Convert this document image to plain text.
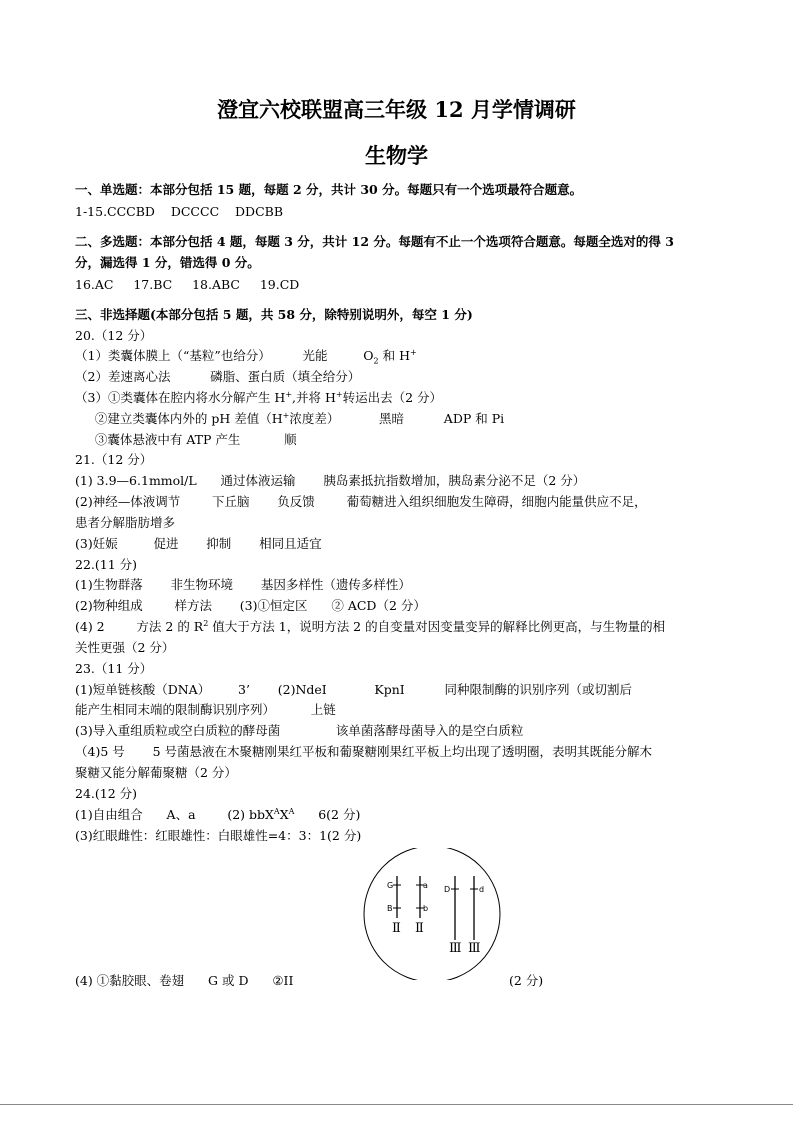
澄宜六校联盟高三年级 12 月学情调研
生物学
一、单选题：本部分包括 15 题，每题 2 分，共计 30 分。每题只有一个选项最符合题意。
1-15.CCCBD    DCCCC    DDCBB
二、多选题：本部分包括 4 题，每题 3 分，共计 12 分。每题有不止一个选项符合题意。每题全选对的得 3
分，漏选得 1 分，错选得 0 分。
16.AC     17.BC     18.ABC     19.CD
三、非选择题(本部分包括 5 题，共 58 分，除特别说明外，每空 1 分)
20.（12 分）
（1）类囊体膜上（“基粒”也给分）        光能         $O_2$ 和 H+
（2）差速离心法          磷脂、蛋白质（填全给分）
（3）①类囊体在腔内将水分解产生 H+,并将 H+转运出去（2 分）
②建立类囊体内外的 pH 差值（H+浓度差）          黑暗          ADP 和 Pi
③囊体悬液中有 ATP 产生           顺
21.（12 分）
(1) 3.9—6.1mmol/L      通过体液运输       胰岛素抵抗指数增加，胰岛素分泌不足（2 分）
(2)神经—体液调节        下丘脑       负反馈        葡萄糖进入组织细胞发生障碍，细胞内能量供应不足，
患者分解脂肪增多
(3)妊娠         促进       抑制       相同且适宜
22.(11 分)
(1)生物群落       非生物环境       基因多样性（遗传多样性）
(2)物种组成        样方法       (3)①恒定区      ② ACD（2 分）
(4) 2        方法 2 的 $R^2$ 值大于方法 1，说明方法 2 的自变量对因变量变异的解释比例更高，与生物量的相
关性更强（2 分）
23.（11 分）
(1)短单链核酸（DNA）       3’       (2)NdeI            KpnI          同种限制酶的识别序列（或切割后
能产生相同末端的限制酶识别序列）         上链
(3)导入重组质粒或空白质粒的酵母菌              该单菌落酵母菌导入的是空白质粒
（4)5 号       5 号菌悬液在木聚糖刚果红平板和葡聚糖刚果红平板上均出现了透明圈，表明其既能分解木
聚糖又能分解葡聚糖（2 分）
24.(12 分)
(1)自由组合      A、a        (2) $bbX^AX^A$      6(2 分)
(3)红眼雌性：红眼雄性：白眼雄性=4：3：1(2 分)
G	a
B	b
D	d
Ⅱ Ⅱ
Ⅲ Ⅲ
(4) ①黏胶眼、卷翅      G 或 D      ②II	(2 分)
